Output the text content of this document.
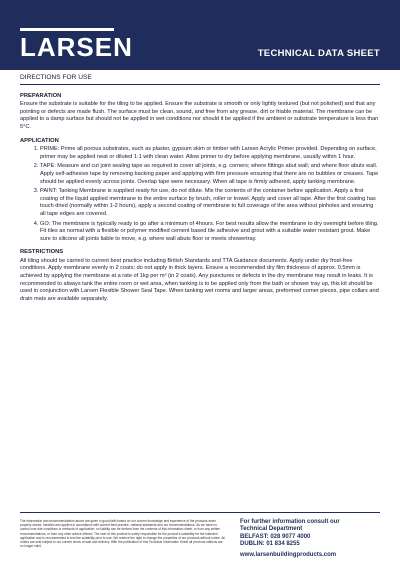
LARSEN	TECHNICAL DATA SHEET
DIRECTIONS FOR USE
PREPARATION

Ensure the substrate is suitable for the tiling to be applied. Ensure the substrate is smooth or only lightly textured (but not polished) and that any pointing or defects are made flush. The surface must be clean, sound, and free from any grease, dirt or friable material. The membrane can be applied to a damp surface but should not be applied in wet conditions nor should it be applied if the ambient or substrate temperature is less than 5°C.

APPLICATION
1. PRIME: Prime all porous substrates, such as plaster, gypsum skim or timber with Larsen Acrylic Primer provided. Depending on surface, primer may be applied neat or diluted 1:1 with clean water. Allow primer to dry before applying membrane, usually within 1 hour.
2. TAPE: Measure and cut joint sealing tape as required to cover all joints, e.g. corners; where fittings abut wall; and where floor abuts wall. Apply self-adhesive tape by removing backing paper and applying with firm pressure ensuring that there are no bubbles or creases. Tape should be applied evenly across joints. Overlap tape were necessary. When all tape is firmly adhered, apply tanking membrane.
3. PAINT: Tanking Membrane is supplied ready for use, do not dilute. Mix the contents of the container before application. Apply a first coating of the liquid applied membrane to the entire surface by brush, roller or trowel. Apply and cover all tape. After the first coating has touch dried (normally within 1-2 hours), apply a second coating of membrane to full coverage of the area without pinholes and ensuring all tape edges are covered.
4. GO: The membrane is typically ready to go after a minimum of 4hours. For best results allow the membrane to dry overnight before tiling. Fit tiles as normal with a flexible or polymer modified cement based tile adhesive and grout with a suitable water resistant grout. Make sure to silicone all joints liable to move, e.g. where wall abuts floor or meets showertray.
RESTRICTIONS

All tiling should be carried to current best practice including British Standards and TTA Guidance documents. Apply under dry frost-free conditions. Apply membrane evenly in 2 coats; do not apply in thick layers. Ensure a recommended dry film thickness of approx. 0.5mm is achieved by applying the membrane at a rate of 1kg per m² (in 2 coats). Any punctures or defects in the dry membrane may result in leaks. It is recommended to always tank the entire room or wet area, when tanking is to be applied only from the bath or shower tray up, this kit should be used in conjunction with Larsen Flexible Shower Seal Tape. When tanking wet rooms and larger areas, preformed corner pieces, pipe collars and drain mats are available separately.

The information and recommendations above are given in good faith based on our current knowledge and experience of the products when properly stored, handled and applied in accordance with current best practice, national standards and our recommendations. As we have no control over site conditions or methods of application, no liability can be derived from the contents of this information sheet, or from any written recommendations, or from any other advice offered. The user of this product is solely responsible for the product's suitability for the intended application and is recommended to test the suitability prior to use. We reserve the right to change the properties of our products without notice. All orders are sold subject to our current terms of sale and delivery. With the publication of this Technical Information Sheet all previous editions are no longer valid.
For further information consult our
Technical Department
BELFAST: 028 9077 4000
DUBLIN: 01 834 8255
www.larsenbuildingproducts.com
